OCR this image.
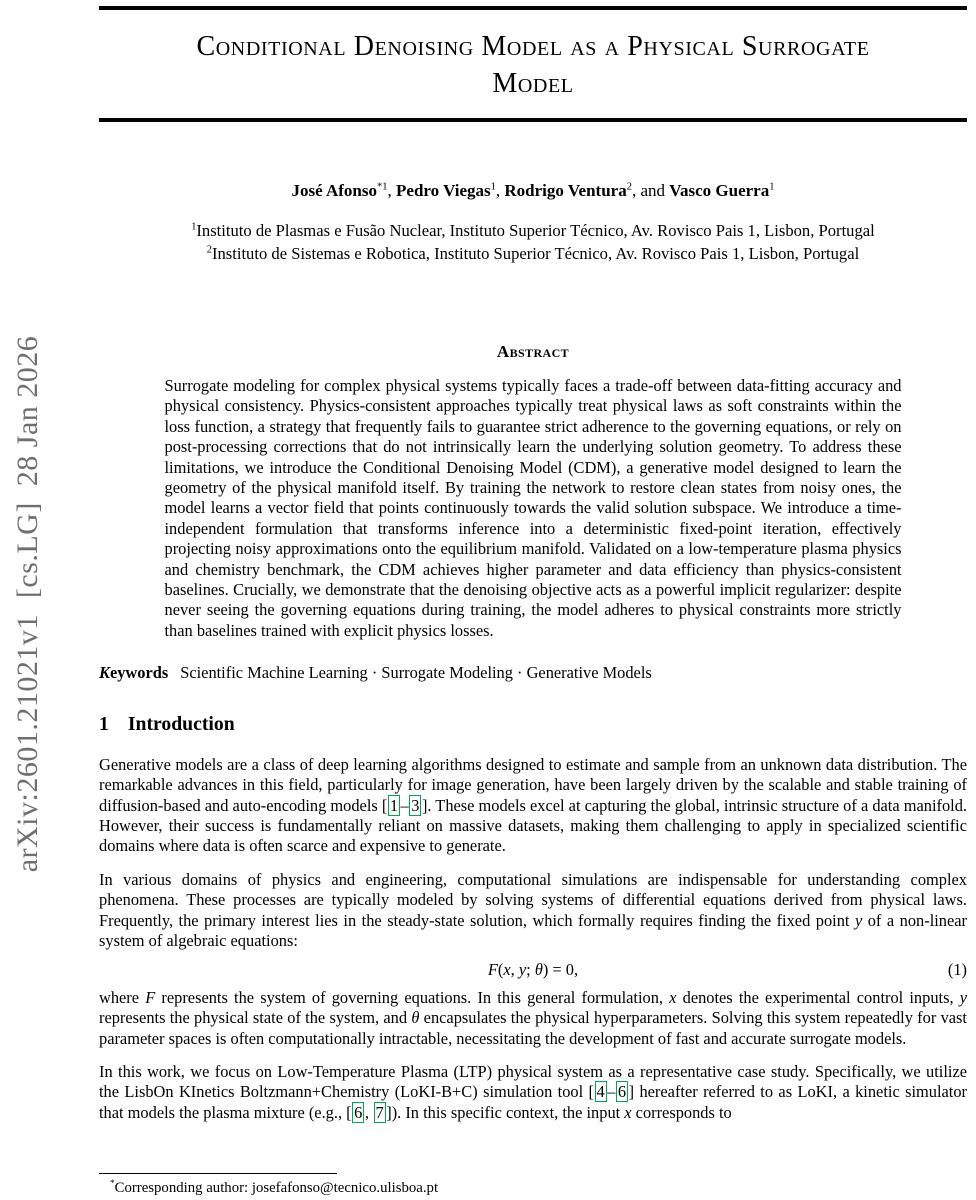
arXiv:2601.21021v1  [cs.LG]  28 Jan 2026
Conditional Denoising Model as a Physical Surrogate
Model
José Afonso$^{*1}$, Pedro Viegas$^1$, Rodrigo Ventura$^2$, and Vasco Guerra$^1$
$^1$Instituto de Plasmas e Fusão Nuclear, Instituto Superior Técnico, Av. Rovisco Pais 1, Lisbon, Portugal
$^2$Instituto de Sistemas e Robotica, Instituto Superior Técnico, Av. Rovisco Pais 1, Lisbon, Portugal
Abstract
Surrogate modeling for complex physical systems typically faces a trade-off between data-fitting accuracy and physical consistency. Physics-consistent approaches typically treat physical laws as soft constraints within the loss function, a strategy that frequently fails to guarantee strict adherence to the governing equations, or rely on post-processing corrections that do not intrinsically learn the underlying solution geometry. To address these limitations, we introduce the Conditional Denoising Model (CDM), a generative model designed to learn the geometry of the physical manifold itself. By training the network to restore clean states from noisy ones, the model learns a vector field that points continuously towards the valid solution subspace. We introduce a time-independent formulation that transforms inference into a deterministic fixed-point iteration, effectively projecting noisy approximations onto the equilibrium manifold. Validated on a low-temperature plasma physics and chemistry benchmark, the CDM achieves higher parameter and data efficiency than physics-consistent baselines. Crucially, we demonstrate that the denoising objective acts as a powerful implicit regularizer: despite never seeing the governing equations during training, the model adheres to physical constraints more strictly than baselines trained with explicit physics losses.
Keywords Scientific Machine Learning · Surrogate Modeling · Generative Models
1 Introduction

Generative models are a class of deep learning algorithms designed to estimate and sample from an unknown data distribution. The remarkable advances in this field, particularly for image generation, have been largely driven by the scalable and stable training of diffusion-based and auto-encoding models [ 1 – 3 ]. These models excel at capturing the global, intrinsic structure of a data manifold. However, their success is fundamentally reliant on massive datasets, making them challenging to apply in specialized scientific domains where data is often scarce and expensive to generate.

In various domains of physics and engineering, computational simulations are indispensable for understanding complex phenomena. These processes are typically modeled by solving systems of differential equations derived from physical laws. Frequently, the primary interest lies in the steady-state solution, which formally requires finding the fixed point y of a non-linear system of algebraic equations:

F(x, y; θ) = 0,	(1)

where F represents the system of governing equations. In this general formulation, x denotes the experimental control inputs, y represents the physical state of the system, and θ encapsulates the physical hyperparameters. Solving this system repeatedly for vast parameter spaces is often computationally intractable, necessitating the development of fast and accurate surrogate models.

In this work, we focus on Low-Temperature Plasma (LTP) physical system as a representative case study. Specifically, we utilize the LisbOn KInetics Boltzmann+Chemistry (LoKI-B+C) simulation tool [ 4 – 6 ] hereafter referred to as LoKI, a kinetic simulator that models the plasma mixture (e.g., [ 6 , 7 ]). In this specific context, the input x corresponds to

*Corresponding author: josefafonso@tecnico.ulisboa.pt
